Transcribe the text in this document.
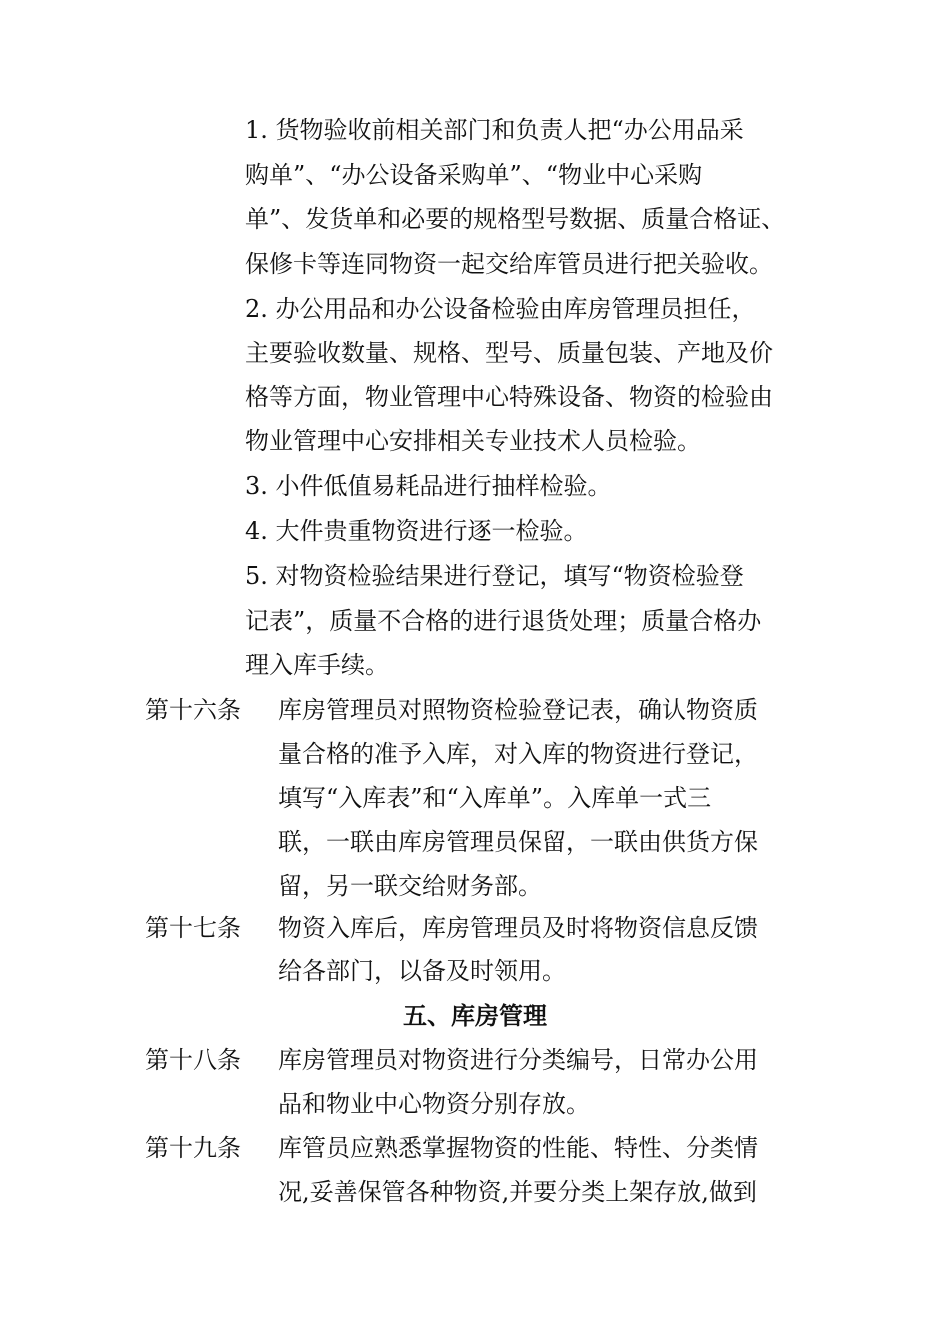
1. 货物验收前相关部门和负责人把“办公用品采
购单”、“办公设备采购单”、“物业中心采购
单”、发货单和必要的规格型号数据、质量合格证、
保修卡等连同物资一起交给库管员进行把关验收。
2. 办公用品和办公设备检验由库房管理员担任，
主要验收数量、规格、型号、质量包装、产地及价
格等方面，物业管理中心特殊设备、物资的检验由
物业管理中心安排相关专业技术人员检验。
3. 小件低值易耗品进行抽样检验。
4. 大件贵重物资进行逐一检验。
5. 对物资检验结果进行登记，填写“物资检验登
记表”，质量不合格的进行退货处理；质量合格办
理入库手续。
第十六条 库房管理员对照物资检验登记表，确认物资质
量合格的准予入库，对入库的物资进行登记，
填写“入库表”和“入库单”。入库单一式三
联，一联由库房管理员保留，一联由供货方保
留，另一联交给财务部。
第十七条 物资入库后，库房管理员及时将物资信息反馈
给各部门，以备及时领用。
五、库房管理
第十八条 库房管理员对物资进行分类编号，日常办公用
品和物业中心物资分别存放。
第十九条 库管员应熟悉掌握物资的性能、特性、分类情
况,妥善保管各种物资,并要分类上架存放,做到
